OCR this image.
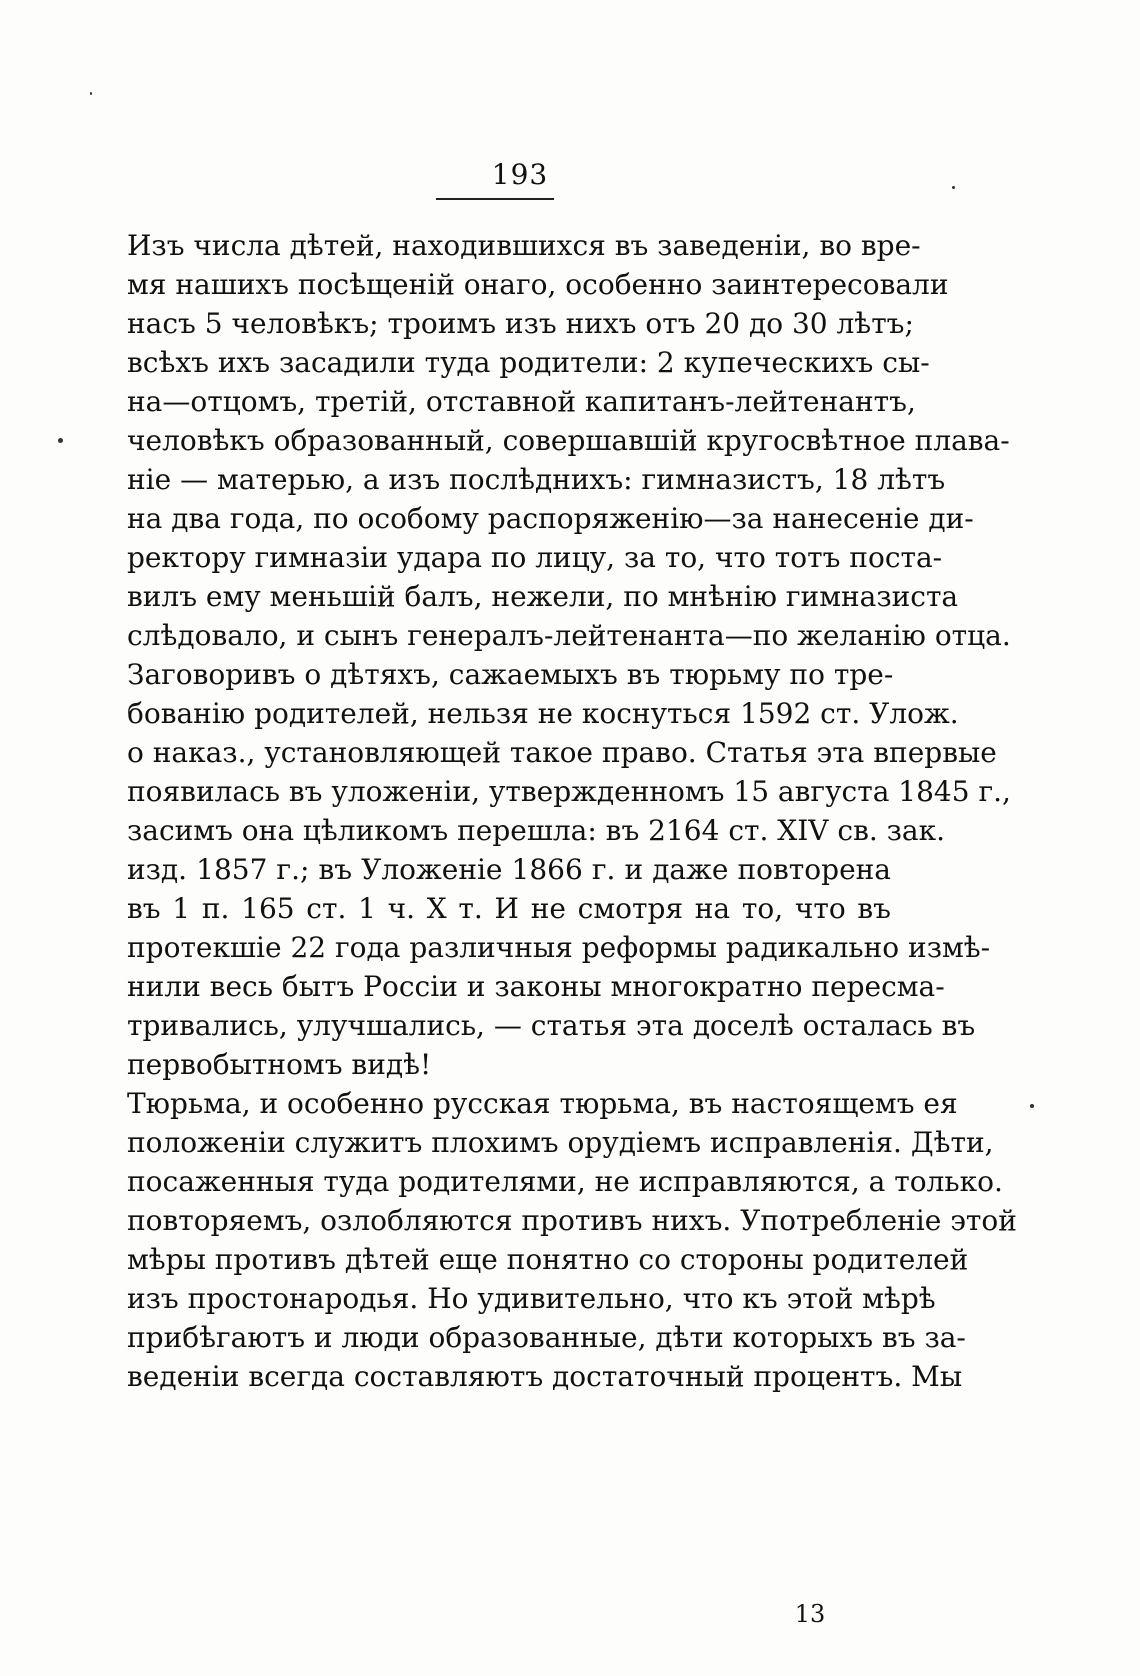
193
Изъ числа дѣтей, находившихся въ заведеніи, во вре-
мя нашихъ посѣщеній онаго, особенно заинтересовали
насъ 5 человѣкъ; троимъ изъ нихъ отъ 20 до 30 лѣтъ;
всѣхъ ихъ засадили туда родители: 2 купеческихъ сы-
на—отцомъ, третій, отставной капитанъ-лейтенантъ,
человѣкъ образованный, совершавшій кругосвѣтное плава-
ніе — матерью, а изъ послѣднихъ: гимназистъ, 18 лѣтъ
на два года, по особому распоряженію—за нанесеніе ди-
ректору гимназіи удара по лицу, за то, что тотъ поста-
вилъ ему меньшій балъ, нежели, по мнѣнію гимназиста
слѣдовало, и сынъ генералъ-лейтенанта—по желанію отца.
Заговоривъ о дѣтяхъ, сажаемыхъ въ тюрьму по тре-
бованію родителей, нельзя не коснуться 1592 ст. Улож.
о наказ., установляющей такое право. Статья эта впервые
появилась въ уложеніи, утвержденномъ 15 августа 1845 г.,
засимъ она цѣликомъ перешла: въ 2164 ст. XIV св. зак.
изд. 1857 г.; въ Уложеніе 1866 г. и даже повторена
въ 1 п. 165 ст. 1 ч. X т. И не смотря на то, что въ
протекшіе 22 года различныя реформы радикально измѣ-
нили весь бытъ Россіи и законы многократно пересма-
тривались, улучшались, — статья эта доселѣ осталась въ
первобытномъ видѣ!
Тюрьма, и особенно русская тюрьма, въ настоящемъ ея
положеніи служитъ плохимъ орудіемъ исправленія. Дѣти,
посаженныя туда родителями, не исправляются, а только.
повторяемъ, озлобляются противъ нихъ. Употребленіе этой
мѣры противъ дѣтей еще понятно со стороны родителей
изъ простонародья. Но удивительно, что къ этой мѣрѣ
прибѣгаютъ и люди образованные, дѣти которыхъ въ за-
веденіи всегда составляютъ достаточный процентъ. Мы
13
